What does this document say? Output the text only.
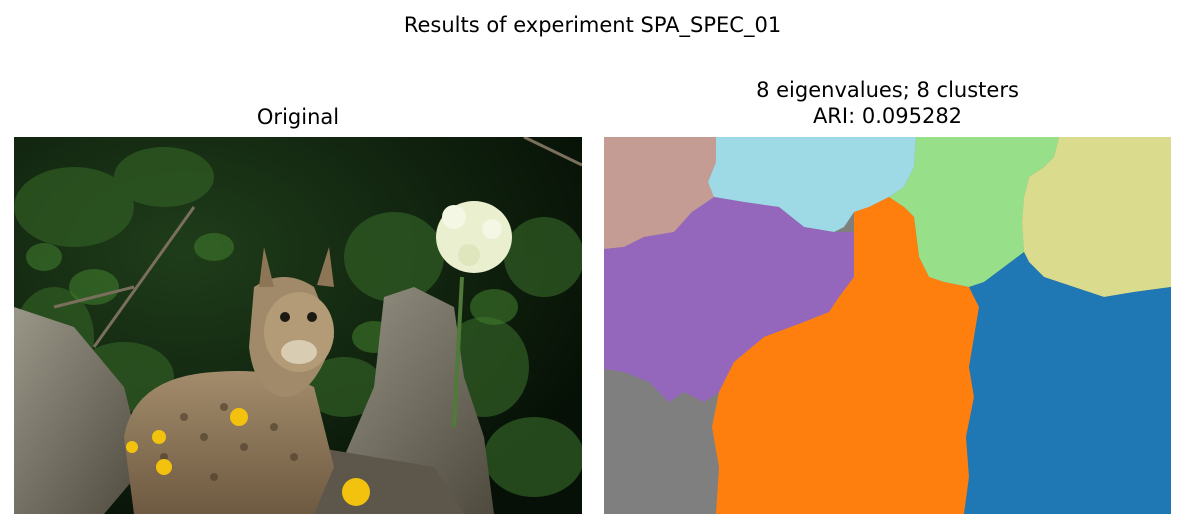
Results of experiment SPA_SPEC_01
Original
8 eigenvalues; 8 clusters
ARI: 0.095282
